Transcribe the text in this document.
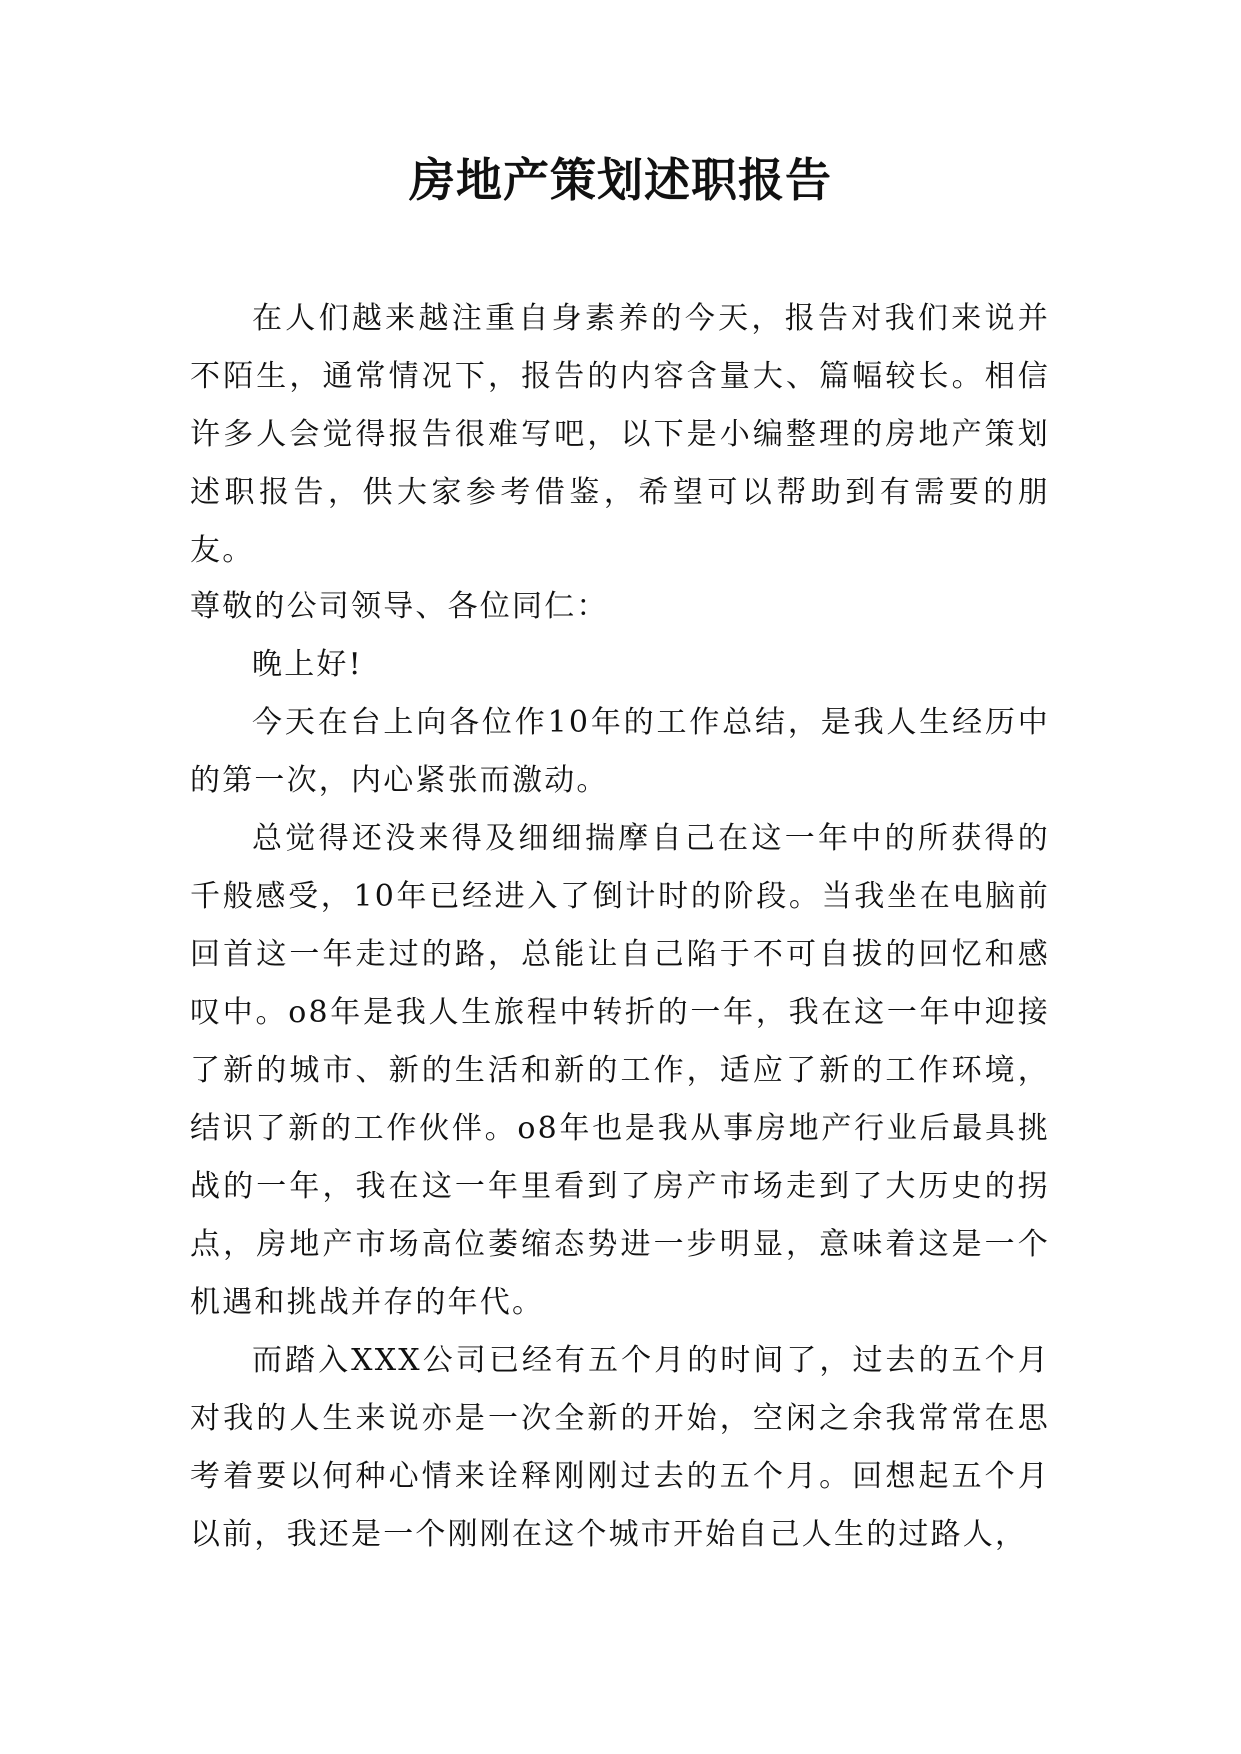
房地产策划述职报告

在人们越来越注重自身素养的今天，报告对我们来说并不陌生，通常情况下，报告的内容含量大、篇幅较长。相信许多人会觉得报告很难写吧，以下是小编整理的房地产策划述职报告，供大家参考借鉴，希望可以帮助到有需要的朋友。

尊敬的公司领导、各位同仁：

晚上好!

今天在台上向各位作10年的工作总结，是我人生经历中的第一次，内心紧张而激动。

总觉得还没来得及细细揣摩自己在这一年中的所获得的千般感受，10年已经进入了倒计时的阶段。当我坐在电脑前回首这一年走过的路，总能让自己陷于不可自拔的回忆和感叹中。o8年是我人生旅程中转折的一年，我在这一年中迎接了新的城市、新的生活和新的工作，适应了新的工作环境，结识了新的工作伙伴。o8年也是我从事房地产行业后最具挑战的一年，我在这一年里看到了房产市场走到了大历史的拐点，房地产市场高位萎缩态势进一步明显，意味着这是一个机遇和挑战并存的年代。

而踏入XXX公司已经有五个月的时间了，过去的五个月对我的人生来说亦是一次全新的开始，空闲之余我常常在思考着要以何种心情来诠释刚刚过去的五个月。回想起五个月以前，我还是一个刚刚在这个城市开始自己人生的过路人，
